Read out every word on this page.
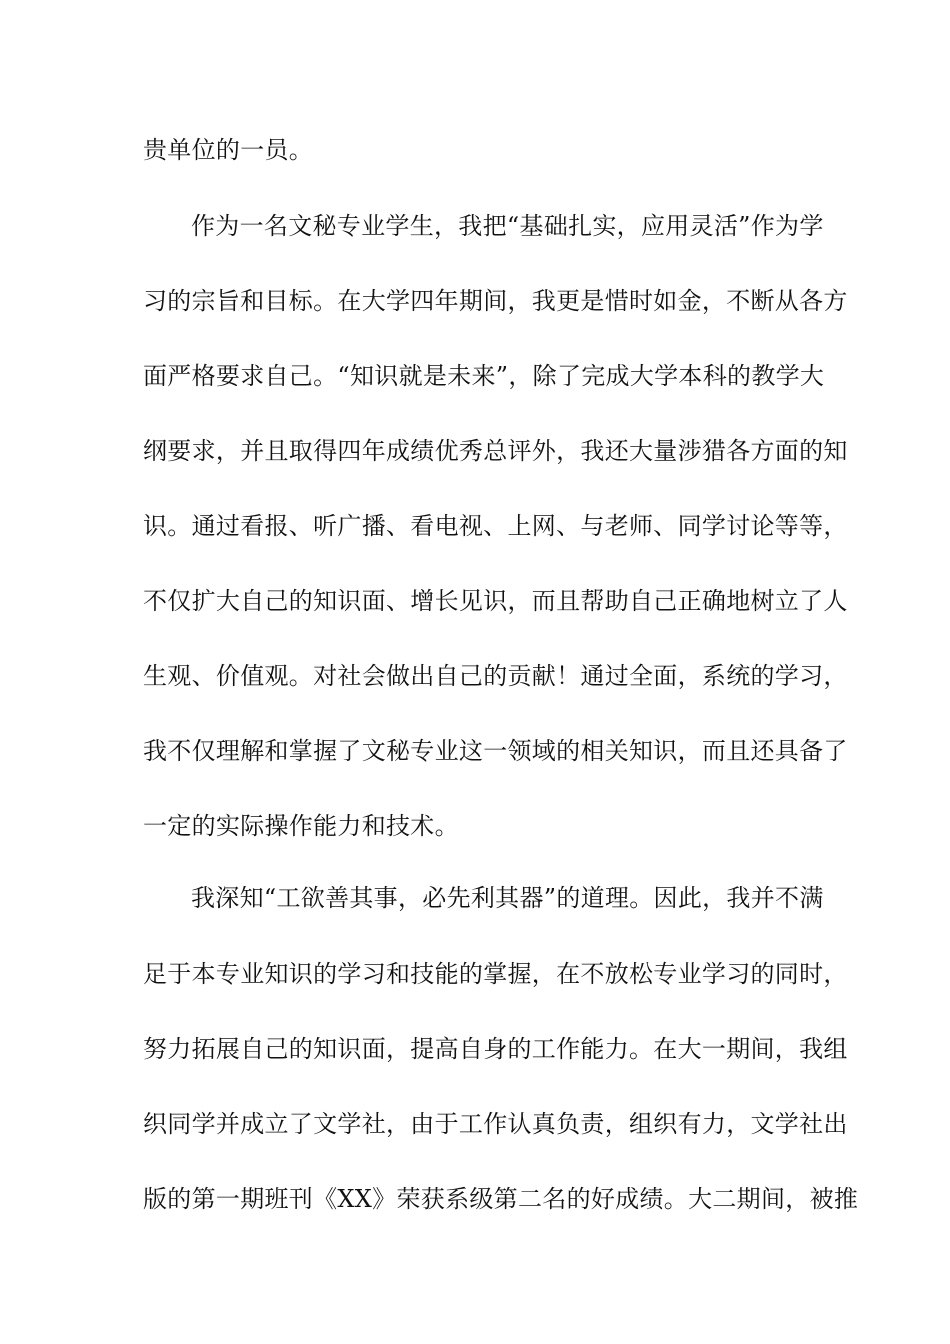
贵单位的一员。
作为一名文秘专业学生，我把“基础扎实，应用灵活”作为学
习的宗旨和目标。在大学四年期间，我更是惜时如金，不断从各方
面严格要求自己。“知识就是未来”，除了完成大学本科的教学大
纲要求，并且取得四年成绩优秀总评外，我还大量涉猎各方面的知
识。通过看报、听广播、看电视、上网、与老师、同学讨论等等，
不仅扩大自己的知识面、增长见识，而且帮助自己正确地树立了人
生观、价值观。对社会做出自己的贡献！通过全面，系统的学习，
我不仅理解和掌握了文秘专业这一领域的相关知识，而且还具备了
一定的实际操作能力和技术。
我深知“工欲善其事，必先利其器”的道理。因此，我并不满
足于本专业知识的学习和技能的掌握，在不放松专业学习的同时，
努力拓展自己的知识面，提高自身的工作能力。在大一期间，我组
织同学并成立了文学社，由于工作认真负责，组织有力，文学社出
版的第一期班刊《XX》荣获系级第二名的好成绩。大二期间，被推
